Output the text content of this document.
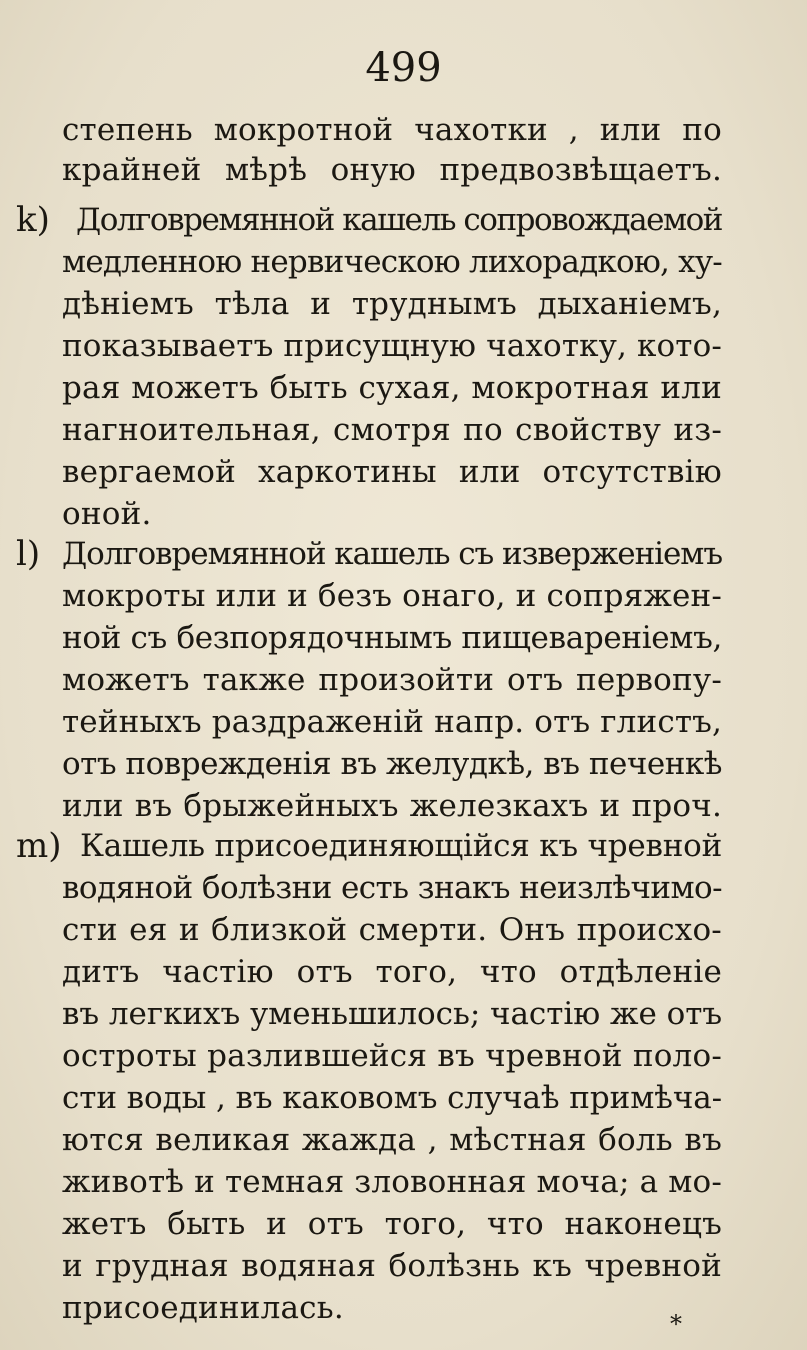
499
степень мокротной чахотки , или по
крайней мѣрѣ оную предвозвѣщаетъ.
k) Долговремянной кашель сопровождаемой
медленною нервическою лихорадкою, ху-
дѣніемъ тѣла и труднымъ дыханіемъ,
показываетъ присущную чахотку, кото-
рая можетъ быть сухая, мокротная или
нагноительная, смотря по свойству из-
вергаемой харкотины или отсутствію
оной.
l) Долговремянной кашель съ изверженіемъ
мокроты или и безъ онаго, и сопряжен-
ной съ безпорядочнымъ пищевареніемъ,
можетъ также произойти отъ первопу-
тейныхъ раздраженій напр. отъ глистъ,
отъ поврежденія въ желудкѣ, въ печенкѣ
или въ брыжейныхъ железкахъ и проч.
m) Кашель присоединяющійся къ чревной
водяной болѣзни есть знакъ неизлѣчимо-
сти ея и близкой смерти. Онъ происхо-
дитъ частію отъ того, что отдѣленіе
въ легкихъ уменьшилось; частію же отъ
остроты разлившейся въ чревной поло-
сти воды , въ каковомъ случаѣ примѣча-
ются великая жажда , мѣстная боль въ
животѣ и темная зловонная моча; а мо-
жетъ быть и отъ того, что наконецъ
и грудная водяная болѣзнь къ чревной
присоединилась.	*
